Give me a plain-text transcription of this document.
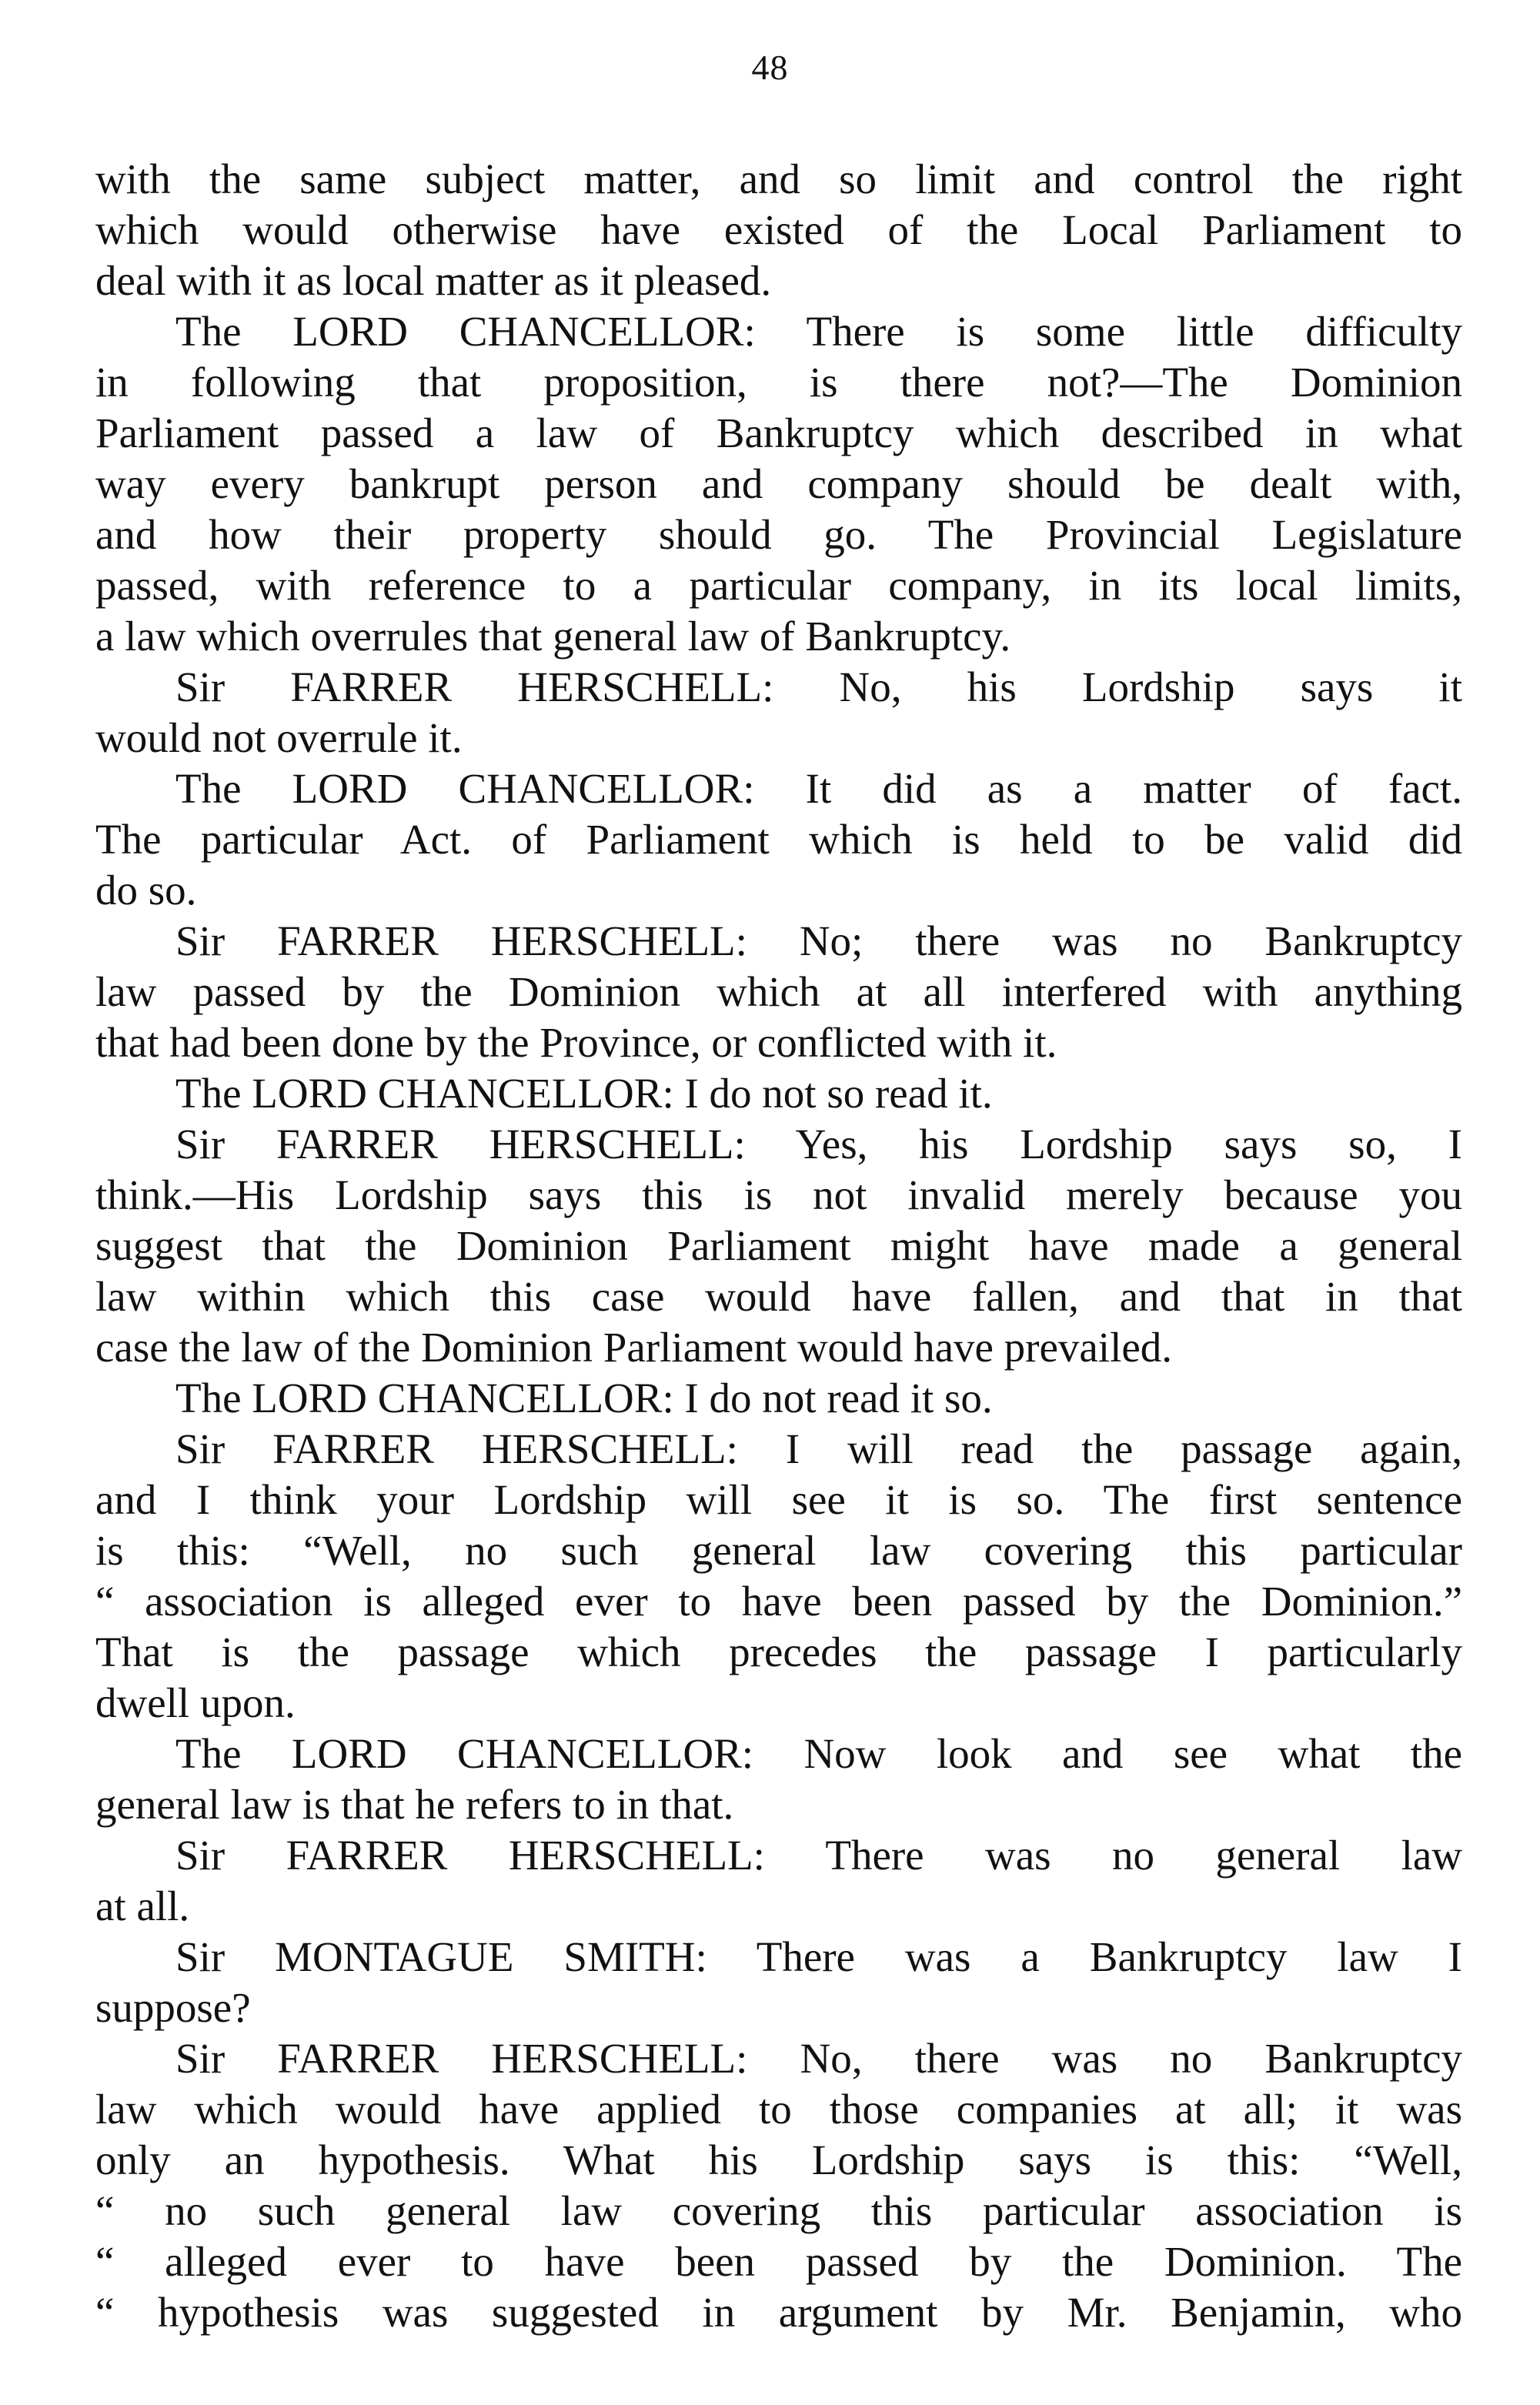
48
with the same subject matter, and so limit and control the right
which would otherwise have existed of the Local Parliament to
deal with it as local matter as it pleased.
The LORD CHANCELLOR: There is some little difficulty
in following that proposition, is there not?—The Dominion
Parliament passed a law of Bankruptcy which described in what
way every bankrupt person and company should be dealt with,
and how their property should go. The Provincial Legislature
passed, with reference to a particular company, in its local limits,
a law which overrules that general law of Bankruptcy.
Sir FARRER HERSCHELL: No, his Lordship says it
would not overrule it.
The LORD CHANCELLOR: It did as a matter of fact.
The particular Act. of Parliament which is held to be valid did
do so.
Sir FARRER HERSCHELL: No; there was no Bankruptcy
law passed by the Dominion which at all interfered with anything
that had been done by the Province, or conflicted with it.
The LORD CHANCELLOR: I do not so read it.
Sir FARRER HERSCHELL: Yes, his Lordship says so, I
think.—His Lordship says this is not invalid merely because you
suggest that the Dominion Parliament might have made a general
law within which this case would have fallen, and that in that
case the law of the Dominion Parliament would have prevailed.
The LORD CHANCELLOR: I do not read it so.
Sir FARRER HERSCHELL: I will read the passage again,
and I think your Lordship will see it is so. The first sentence
is this: “Well, no such general law covering this particular
“ association is alleged ever to have been passed by the Dominion.”
That is the passage which precedes the passage I particularly
dwell upon.
The LORD CHANCELLOR: Now look and see what the
general law is that he refers to in that.
Sir FARRER HERSCHELL: There was no general law
at all.
Sir MONTAGUE SMITH: There was a Bankruptcy law I
suppose?
Sir FARRER HERSCHELL: No, there was no Bankruptcy
law which would have applied to those companies at all; it was
only an hypothesis. What his Lordship says is this: “Well,
“ no such general law covering this particular association is
“ alleged ever to have been passed by the Dominion. The
“ hypothesis was suggested in argument by Mr. Benjamin, who
